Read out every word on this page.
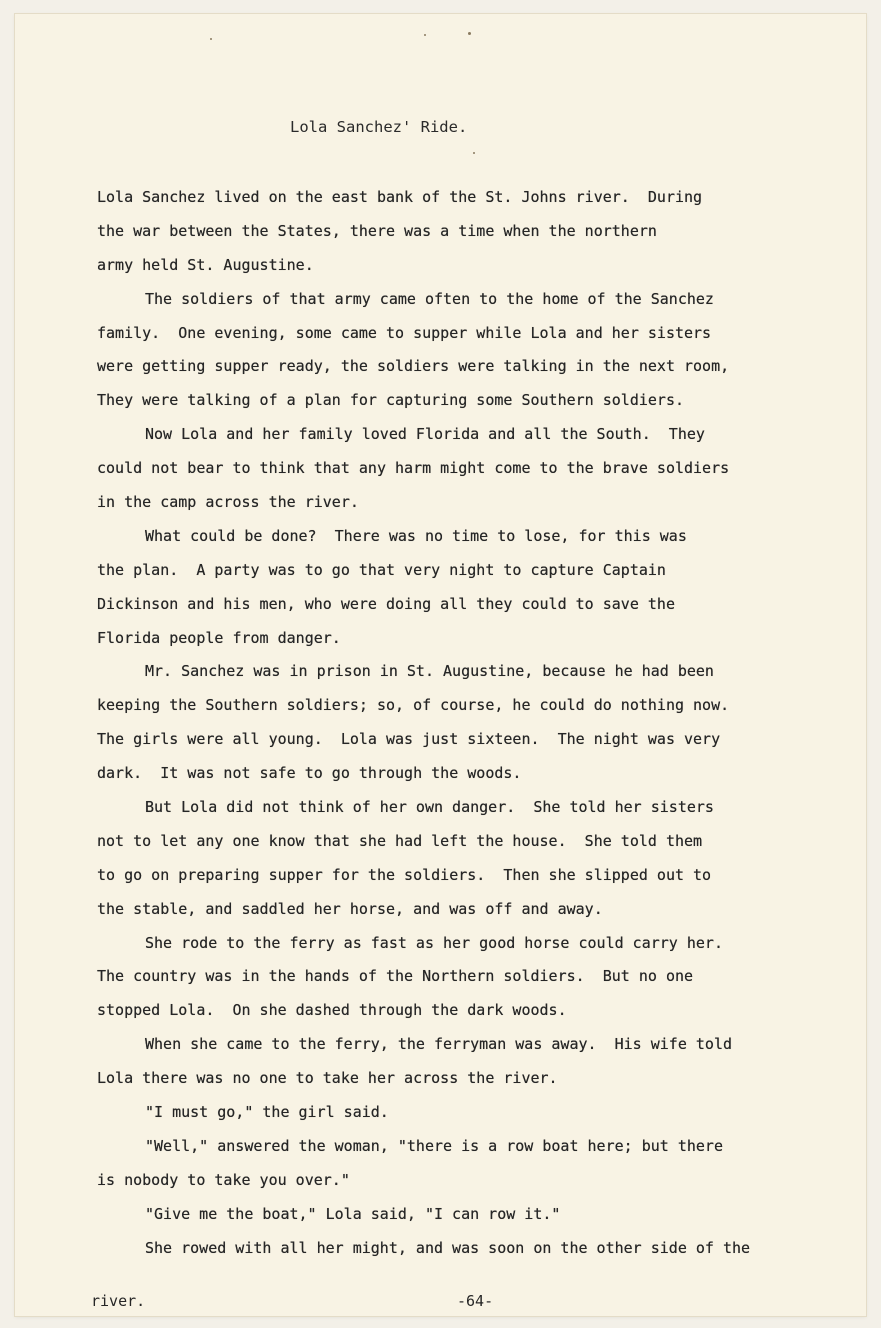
Lola Sanchez' Ride.
Lola Sanchez lived on the east bank of the St. Johns river.  During
the war between the States, there was a time when the northern
army held St. Augustine.
The soldiers of that army came often to the home of the Sanchez
family.  One evening, some came to supper while Lola and her sisters
were getting supper ready, the soldiers were talking in the next room,
They were talking of a plan for capturing some Southern soldiers.
Now Lola and her family loved Florida and all the South.  They
could not bear to think that any harm might come to the brave soldiers
in the camp across the river.
What could be done?  There was no time to lose, for this was
the plan.  A party was to go that very night to capture Captain
Dickinson and his men, who were doing all they could to save the
Florida people from danger.
Mr. Sanchez was in prison in St. Augustine, because he had been
keeping the Southern soldiers; so, of course, he could do nothing now.
The girls were all young.  Lola was just sixteen.  The night was very
dark.  It was not safe to go through the woods.
But Lola did not think of her own danger.  She told her sisters
not to let any one know that she had left the house.  She told them
to go on preparing supper for the soldiers.  Then she slipped out to
the stable, and saddled her horse, and was off and away.
She rode to the ferry as fast as her good horse could carry her.
The country was in the hands of the Northern soldiers.  But no one
stopped Lola.  On she dashed through the dark woods.
When she came to the ferry, the ferryman was away.  His wife told
Lola there was no one to take her across the river.
"I must go," the girl said.
"Well," answered the woman, "there is a row boat here; but there
is nobody to take you over."
"Give me the boat," Lola said, "I can row it."
She rowed with all her might, and was soon on the other side of the
river.	-64-
